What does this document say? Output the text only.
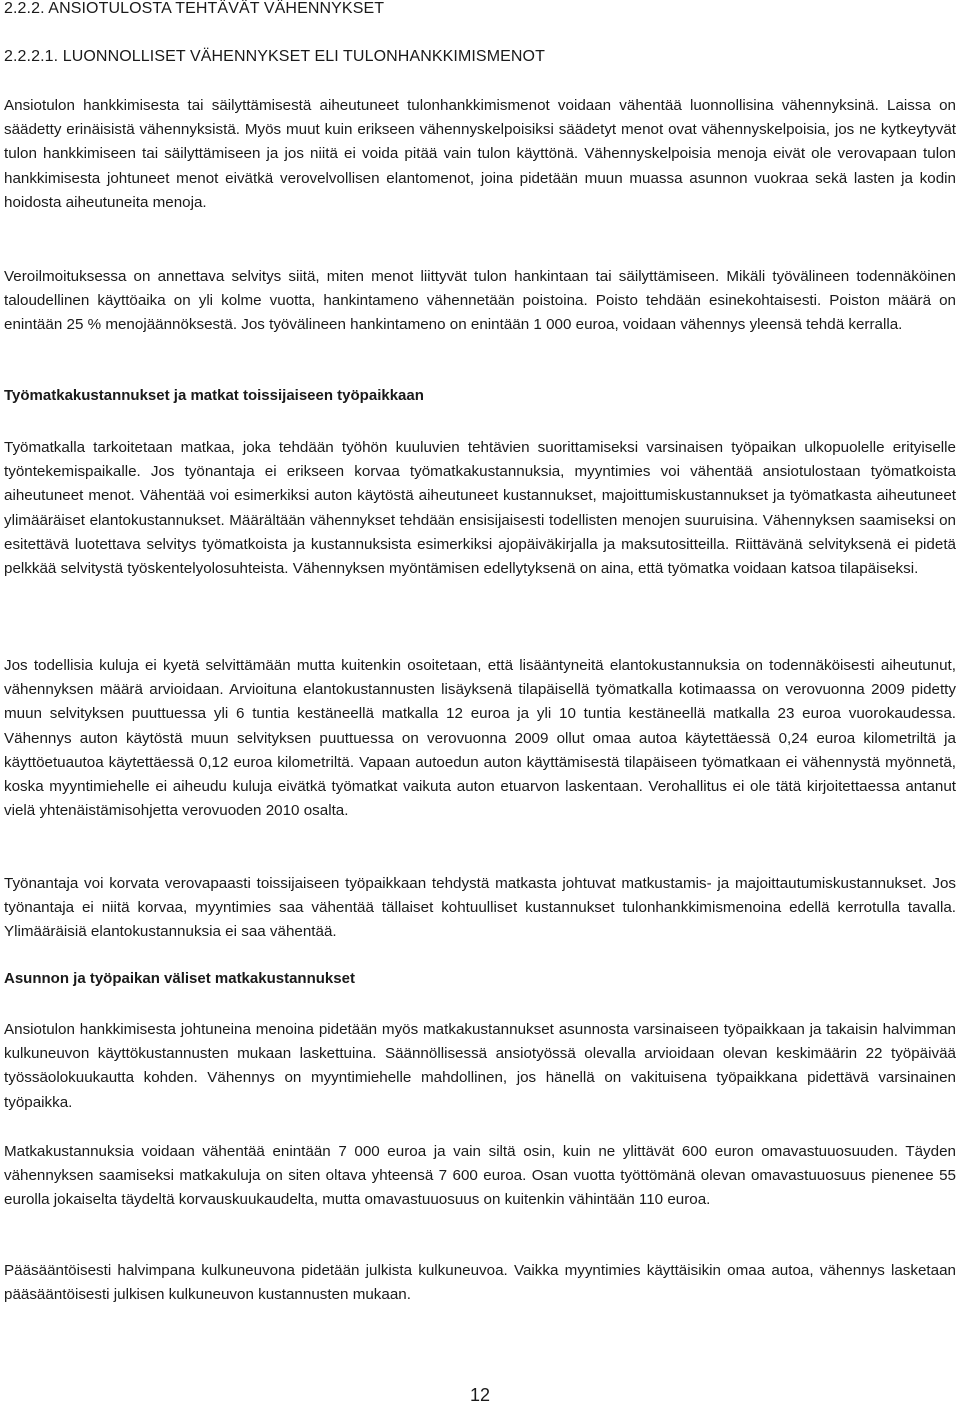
2.2.2. ANSIOTULOSTA TEHTÄVÄT VÄHENNYKSET
2.2.2.1. LUONNOLLISET VÄHENNYKSET ELI TULONHANKKIMISMENOT

Ansiotulon hankkimisesta tai säilyttämisestä aiheutuneet tulonhankkimismenot voidaan vähentää luonnollisina vähennyksinä. Laissa on säädetty erinäisistä vähennyksistä. Myös muut kuin erikseen vähennyskelpoisiksi säädetyt menot ovat vähennyskelpoisia, jos ne kytkeytyvät tulon hankkimiseen tai säilyttämiseen ja jos niitä ei voida pitää vain tulon käyttönä. Vähennyskelpoisia menoja eivät ole verovapaan tulon hankkimisesta johtuneet menot eivätkä verovelvollisen elantomenot, joina pidetään muun muassa asunnon vuokraa sekä lasten ja kodin hoidosta aiheutuneita menoja.

Veroilmoituksessa on annettava selvitys siitä, miten menot liittyvät tulon hankintaan tai säilyttämiseen. Mikäli työvälineen todennäköinen taloudellinen käyttöaika on yli kolme vuotta, hankintameno vähennetään poistoina. Poisto tehdään esinekohtaisesti. Poiston määrä on enintään 25 % menojäännöksestä. Jos työvälineen hankintameno on enintään 1 000 euroa, voidaan vähennys yleensä tehdä kerralla.

Työmatkakustannukset ja matkat toissijaiseen työpaikkaan

Työmatkalla tarkoitetaan matkaa, joka tehdään työhön kuuluvien tehtävien suorittamiseksi varsinaisen työpaikan ulkopuolelle erityiselle työntekemispaikalle. Jos työnantaja ei erikseen korvaa työmatkakustannuksia, myyntimies voi vähentää ansiotulostaan työmatkoista aiheutuneet menot. Vähentää voi esimerkiksi auton käytöstä aiheutuneet kustannukset, majoittumiskustannukset ja työmatkasta aiheutuneet ylimääräiset elantokustannukset. Määrältään vähennykset tehdään ensisijaisesti todellisten menojen suuruisina. Vähennyksen saamiseksi on esitettävä luotettava selvitys työmatkoista ja kustannuksista esimerkiksi ajopäiväkirjalla ja maksutositteilla. Riittävänä selvityksenä ei pidetä pelkkää selvitystä työskentelyolosuhteista. Vähennyksen myöntämisen edellytyksenä on aina, että työmatka voidaan katsoa tilapäiseksi.

Jos todellisia kuluja ei kyetä selvittämään mutta kuitenkin osoitetaan, että lisääntyneitä elantokustannuksia on todennäköisesti aiheutunut, vähennyksen määrä arvioidaan. Arvioituna elantokustannusten lisäyksenä tilapäisellä työmatkalla kotimaassa on verovuonna 2009 pidetty muun selvityksen puuttuessa yli 6 tuntia kestäneellä matkalla 12 euroa ja yli 10 tuntia kestäneellä matkalla 23 euroa vuorokaudessa. Vähennys auton käytöstä muun selvityksen puuttuessa on verovuonna 2009 ollut omaa autoa käytettäessä 0,24 euroa kilometriltä ja käyttöetuautoa käytettäessä 0,12 euroa kilometriltä. Vapaan autoedun auton käyttämisestä tilapäiseen työmatkaan ei vähennystä myönnetä, koska myyntimiehelle ei aiheudu kuluja eivätkä työmatkat vaikuta auton etuarvon laskentaan. Verohallitus ei ole tätä kirjoitettaessa antanut vielä yhtenäistämisohjetta verovuoden 2010 osalta.

Työnantaja voi korvata verovapaasti toissijaiseen työpaikkaan tehdystä matkasta johtuvat matkustamis- ja majoittautumiskustannukset. Jos työnantaja ei niitä korvaa, myyntimies saa vähentää tällaiset kohtuulliset kustannukset tulonhankkimismenoina edellä kerrotulla tavalla. Ylimääräisiä elantokustannuksia ei saa vähentää.

Asunnon ja työpaikan väliset matkakustannukset

Ansiotulon hankkimisesta johtuneina menoina pidetään myös matkakustannukset asunnosta varsinaiseen työpaikkaan ja takaisin halvimman kulkuneuvon käyttökustannusten mukaan laskettuina. Säännöllisessä ansiotyössä olevalla arvioidaan olevan keskimäärin 22 työpäivää työssäolokuukautta kohden. Vähennys on myyntimiehelle mahdollinen, jos hänellä on vakituisena työpaikkana pidettävä varsinainen työpaikka.

Matkakustannuksia voidaan vähentää enintään 7 000 euroa ja vain siltä osin, kuin ne ylittävät 600 euron omavastuuosuuden. Täyden vähennyksen saamiseksi matkakuluja on siten oltava yhteensä 7 600 euroa. Osan vuotta työttömänä olevan omavastuuosuus pienenee 55 eurolla jokaiselta täydeltä korvauskuukaudelta, mutta omavastuuosuus on kuitenkin vähintään 110 euroa.

Pääsääntöisesti halvimpana kulkuneuvona pidetään julkista kulkuneuvoa. Vaikka myyntimies käyttäisikin omaa autoa, vähennys lasketaan pääsääntöisesti julkisen kulkuneuvon kustannusten mukaan.

12
